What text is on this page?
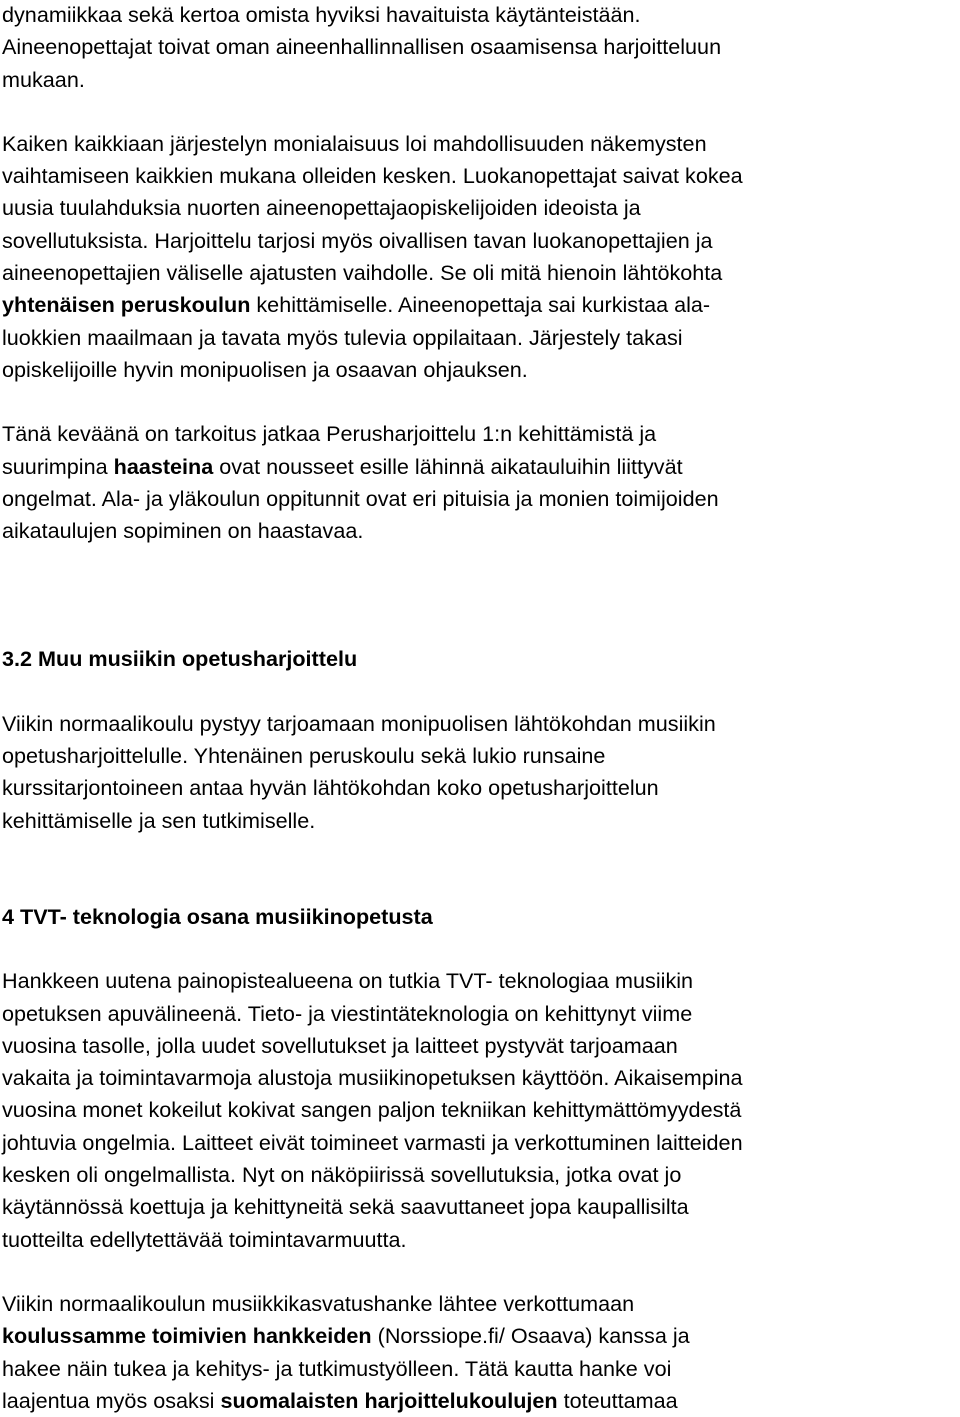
dynamiikkaa sekä kertoa omista hyviksi havaituista käytänteistään.
Aineenopettajat toivat oman aineenhallinnallisen osaamisensa harjoitteluun
mukaan.

Kaiken kaikkiaan järjestelyn monialaisuus loi mahdollisuuden näkemysten
vaihtamiseen kaikkien mukana olleiden kesken. Luokanopettajat saivat kokea
uusia tuulahduksia nuorten aineenopettajaopiskelijoiden ideoista ja
sovellutuksista. Harjoittelu tarjosi myös oivallisen tavan luokanopettajien ja
aineenopettajien väliselle ajatusten vaihdolle. Se oli mitä hienoin lähtökohta
yhtenäisen peruskoulun kehittämiselle. Aineenopettaja sai kurkistaa ala-
luokkien maailmaan ja tavata myös tulevia oppilaitaan. Järjestely takasi
opiskelijoille hyvin monipuolisen ja osaavan ohjauksen.

Tänä keväänä on tarkoitus jatkaa Perusharjoittelu 1:n kehittämistä ja
suurimpina haasteina ovat nousseet esille lähinnä aikatauluihin liittyvät
ongelmat. Ala- ja yläkoulun oppitunnit ovat eri pituisia ja monien toimijoiden
aikataulujen sopiminen on haastavaa.

3.2 Muu musiikin opetusharjoittelu

Viikin normaalikoulu pystyy tarjoamaan monipuolisen lähtökohdan musiikin
opetusharjoittelulle. Yhtenäinen peruskoulu sekä lukio runsaine
kurssitarjontoineen antaa hyvän lähtökohdan koko opetusharjoittelun
kehittämiselle ja sen tutkimiselle.

4 TVT- teknologia osana musiikinopetusta

Hankkeen uutena painopistealueena on tutkia TVT- teknologiaa musiikin
opetuksen apuvälineenä. Tieto- ja viestintäteknologia on kehittynyt viime
vuosina tasolle, jolla uudet sovellutukset ja laitteet pystyvät tarjoamaan
vakaita ja toimintavarmoja alustoja musiikinopetuksen käyttöön. Aikaisempina
vuosina monet kokeilut kokivat sangen paljon tekniikan kehittymättömyydestä
johtuvia ongelmia. Laitteet eivät toimineet varmasti ja verkottuminen laitteiden
kesken oli ongelmallista. Nyt on näköpiirissä sovellutuksia, jotka ovat jo
käytännössä koettuja ja kehittyneitä sekä saavuttaneet jopa kaupallisilta
tuotteilta edellytettävää toimintavarmuutta.

Viikin normaalikoulun musiikkikasvatushanke lähtee verkottumaan
koulussamme toimivien hankkeiden (Norssiope.fi/ Osaava) kanssa ja
hakee näin tukea ja kehitys- ja tutkimustyölleen. Tätä kautta hanke voi
laajentua myös osaksi suomalaisten harjoittelukoulujen toteuttamaa
